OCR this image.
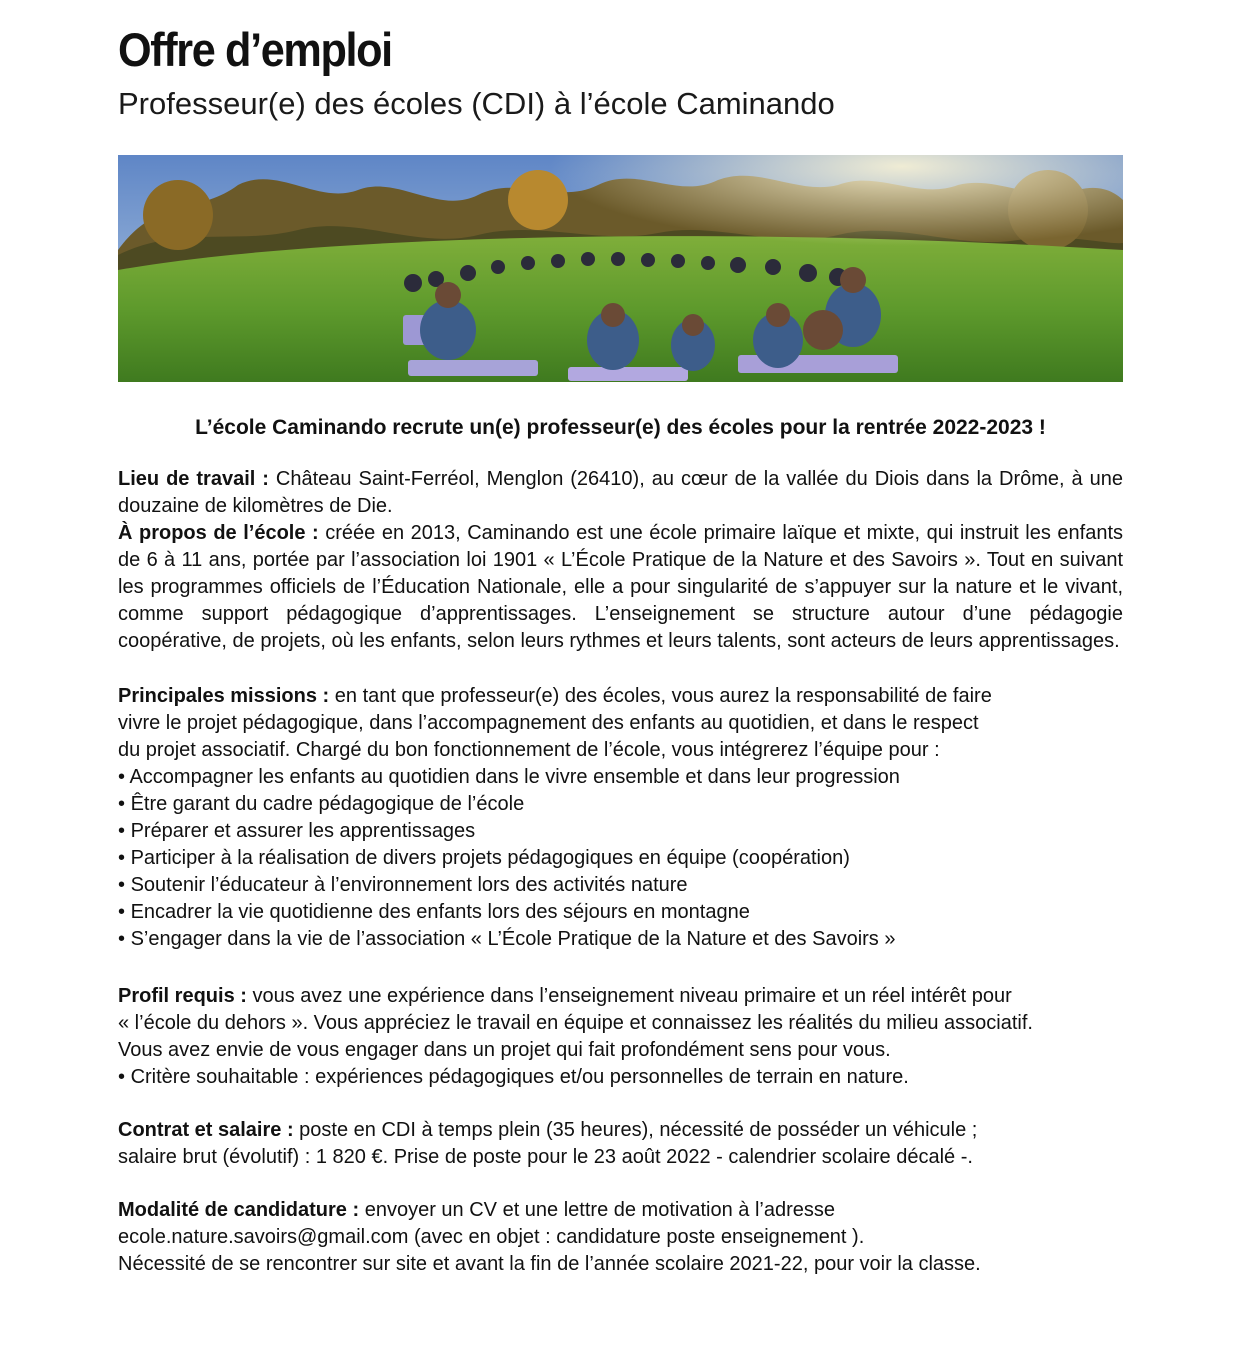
Offre d’emploi
Professeur(e) des écoles (CDI) à l’école Caminando
L’école Caminando recrute un(e) professeur(e) des écoles pour la rentrée 2022-2023 !

Lieu de travail : Château Saint-Ferréol, Menglon (26410), au cœur de la vallée du Diois dans la Drôme, à une douzaine de kilomètres de Die.

À propos de l’école : créée en 2013, Caminando est une école primaire laïque et mixte, qui instruit les enfants de 6 à 11 ans, portée par l’association loi 1901 « L’École Pratique de la Nature et des Savoirs ». Tout en suivant les programmes officiels de l’Éducation Nationale, elle a pour singularité de s’appuyer sur la nature et le vivant, comme support pédagogique d’apprentissages. L’enseignement se structure autour d’une pédagogie coopérative, de projets, où les enfants, selon leurs rythmes et leurs talents, sont acteurs de leurs apprentissages.

Principales missions : en tant que professeur(e) des écoles, vous aurez la responsabilité de faire
vivre le projet pédagogique, dans l’accompagnement des enfants au quotidien, et dans le respect
du projet associatif. Chargé du bon fonctionnement de l’école, vous intégrerez l’équipe pour :

• Accompagner les enfants au quotidien dans le vivre ensemble et dans leur progression
• Être garant du cadre pédagogique de l’école
• Préparer et assurer les apprentissages
• Participer à la réalisation de divers projets pédagogiques en équipe (coopération)
• Soutenir l’éducateur à l’environnement lors des activités nature
• Encadrer la vie quotidienne des enfants lors des séjours en montagne
• S’engager dans la vie de l’association « L’École Pratique de la Nature et des Savoirs »

Profil requis : vous avez une expérience dans l’enseignement niveau primaire et un réel intérêt pour
« l’école du dehors ». Vous appréciez le travail en équipe et connaissez les réalités du milieu associatif.
Vous avez envie de vous engager dans un projet qui fait profondément sens pour vous.

• Critère souhaitable : expériences pédagogiques et/ou personnelles de terrain en nature.

Contrat et salaire : poste en CDI à temps plein (35 heures), nécessité de posséder un véhicule ;
salaire brut (évolutif) : 1 820 €. Prise de poste pour le 23 août 2022 - calendrier scolaire décalé -.

Modalité de candidature : envoyer un CV et une lettre de motivation à l’adresse
ecole.nature.savoirs@gmail.com (avec en objet : candidature poste enseignement ).
Nécessité de se rencontrer sur site et avant la fin de l’année scolaire 2021-22, pour voir la classe.
